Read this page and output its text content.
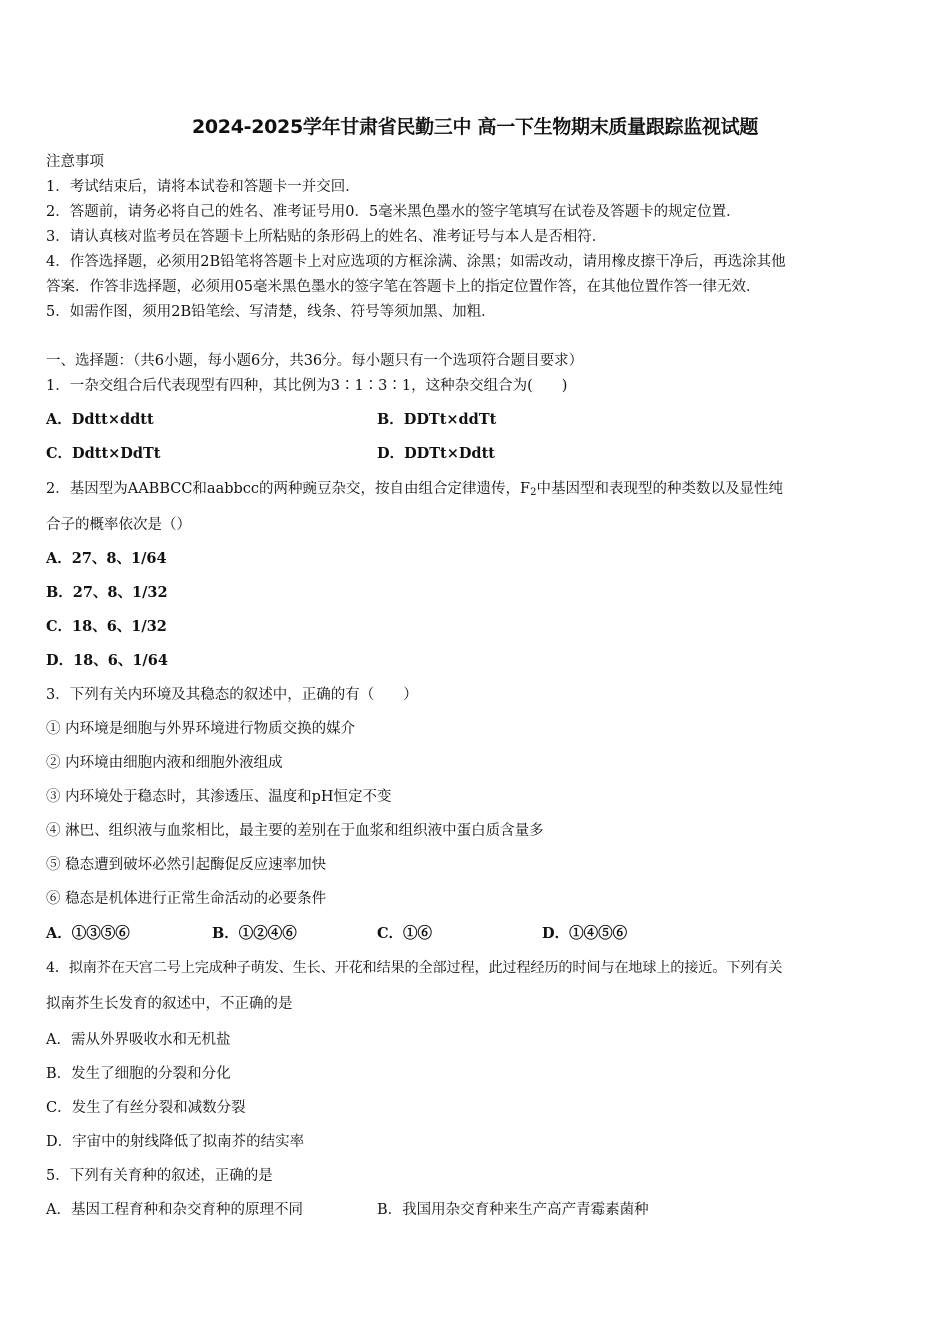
2024-2025学年甘肃省民勤三中 高一下生物期末质量跟踪监视试题
注意事项
1．考试结束后，请将本试卷和答题卡一并交回．
2．答题前，请务必将自己的姓名、准考证号用0．5毫米黑色墨水的签字笔填写在试卷及答题卡的规定位置．
3．请认真核对监考员在答题卡上所粘贴的条形码上的姓名、准考证号与本人是否相符．
4．作答选择题，必须用2B铅笔将答题卡上对应选项的方框涂满、涂黑；如需改动，请用橡皮擦干净后，再选涂其他
答案．作答非选择题，必须用05毫米黑色墨水的签字笔在答题卡上的指定位置作答，在其他位置作答一律无效．
5．如需作图，须用2B铅笔绘、写清楚，线条、符号等须加黑、加粗．
一、选择题：（共6小题，每小题6分，共36分。每小题只有一个选项符合题目要求）
1．一杂交组合后代表现型有四种，其比例为3∶1∶3∶1，这种杂交组合为(　　)
A．Ddtt×ddtt	B．DDTt×ddTt
C．Ddtt×DdTt	D．DDTt×Ddtt
2．基因型为AABBCC和aabbcc的两种豌豆杂交，按自由组合定律遗传，$F_2$中基因型和表现型的种类数以及显性纯
合子的概率依次是（）
A．27、8、1/64
B．27、8、1/32
C．18、6、1/32
D．18、6、1/64
3．下列有关内环境及其稳态的叙述中，正确的有（　　）
① 内环境是细胞与外界环境进行物质交换的媒介
② 内环境由细胞内液和细胞外液组成
③ 内环境处于稳态时，其渗透压、温度和pH恒定不变
④ 淋巴、组织液与血浆相比，最主要的差别在于血浆和组织液中蛋白质含量多
⑤ 稳态遭到破坏必然引起酶促反应速率加快
⑥ 稳态是机体进行正常生命活动的必要条件
A．①③⑤⑥	B．①②④⑥	C．①⑥	D．①④⑤⑥
4．拟南芥在天宫二号上完成种子萌发、生长、开花和结果的全部过程，此过程经历的时间与在地球上的接近。下列有关
拟南芥生长发育的叙述中，不正确的是
A．需从外界吸收水和无机盐
B．发生了细胞的分裂和分化
C．发生了有丝分裂和减数分裂
D．宇宙中的射线降低了拟南芥的结实率
5．下列有关育种的叙述，正确的是
A．基因工程育种和杂交育种的原理不同	B．我国用杂交育种来生产高产青霉素菌种
